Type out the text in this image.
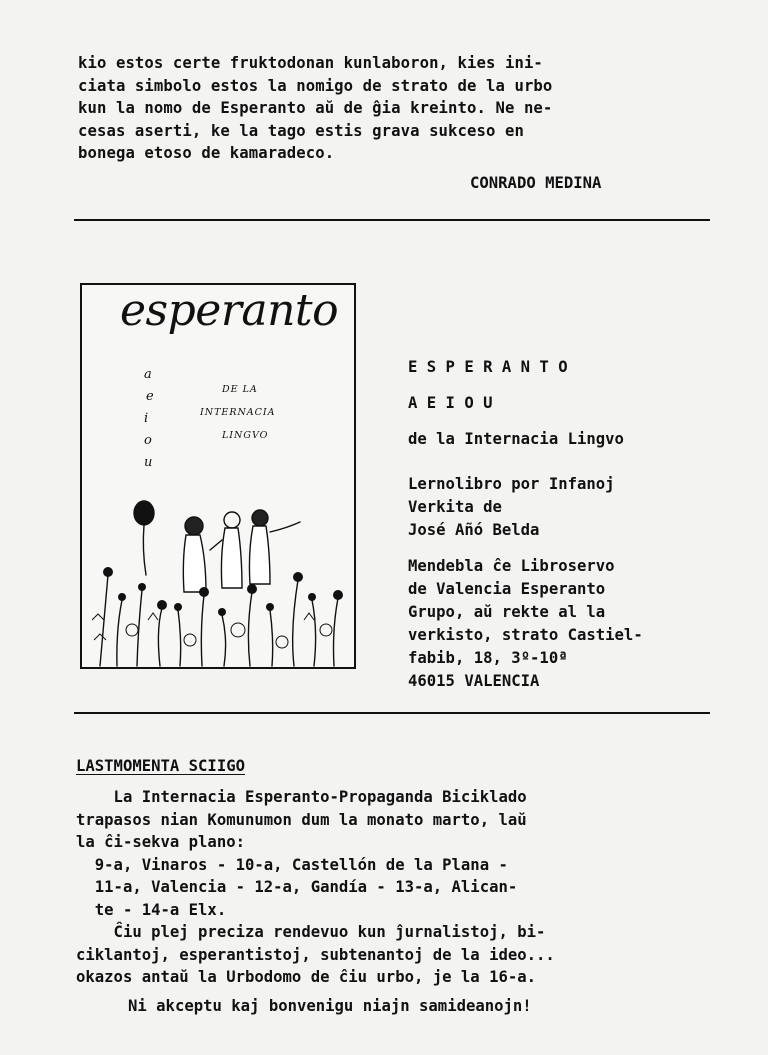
kio estos certe fruktodonan kunlaboron, kies ini-

ciata simbolo estos la nomigo de strato de la urbo

kun la nomo de Esperanto aŭ de ĝia kreinto. Ne ne-

cesas aserti, ke la tago estis grava sukceso en

bonega etoso de kamaradeco.

CONRADO MEDINA
esperanto
a
e
i
o
u
DE LA
INTERNACIA
LINGVO
E S P E R A N T O
A E I O U
de la Internacia Lingvo
Lernolibro por Infanoj
Verkita de
José Añó Belda
Mendebla ĉe Libroservo
de Valencia Esperanto
Grupo, aŭ rekte al la
verkisto, strato Castiel-
fabib, 18, 3º-10ª
46015 VALENCIA
LASTMOMENTA SCIIGO
La Internacia Esperanto-Propaganda Biciklado
trapasos nian Komunumon dum la monato marto, laŭ
la ĉi-sekva plano:
9-a, Vinaros - 10-a, Castellón de la Plana -
11-a, Valencia - 12-a, Gandía - 13-a, Alican-
te - 14-a Elx.
Ĉiu plej preciza rendevuo kun ĵurnalistoj, bi-
ciklantoj, esperantistoj, subtenantoj de la ideo...
okazos antaŭ la Urbodomo de ĉiu urbo, je la 16-a.
Ni akceptu kaj bonvenigu niajn samideanojn!
